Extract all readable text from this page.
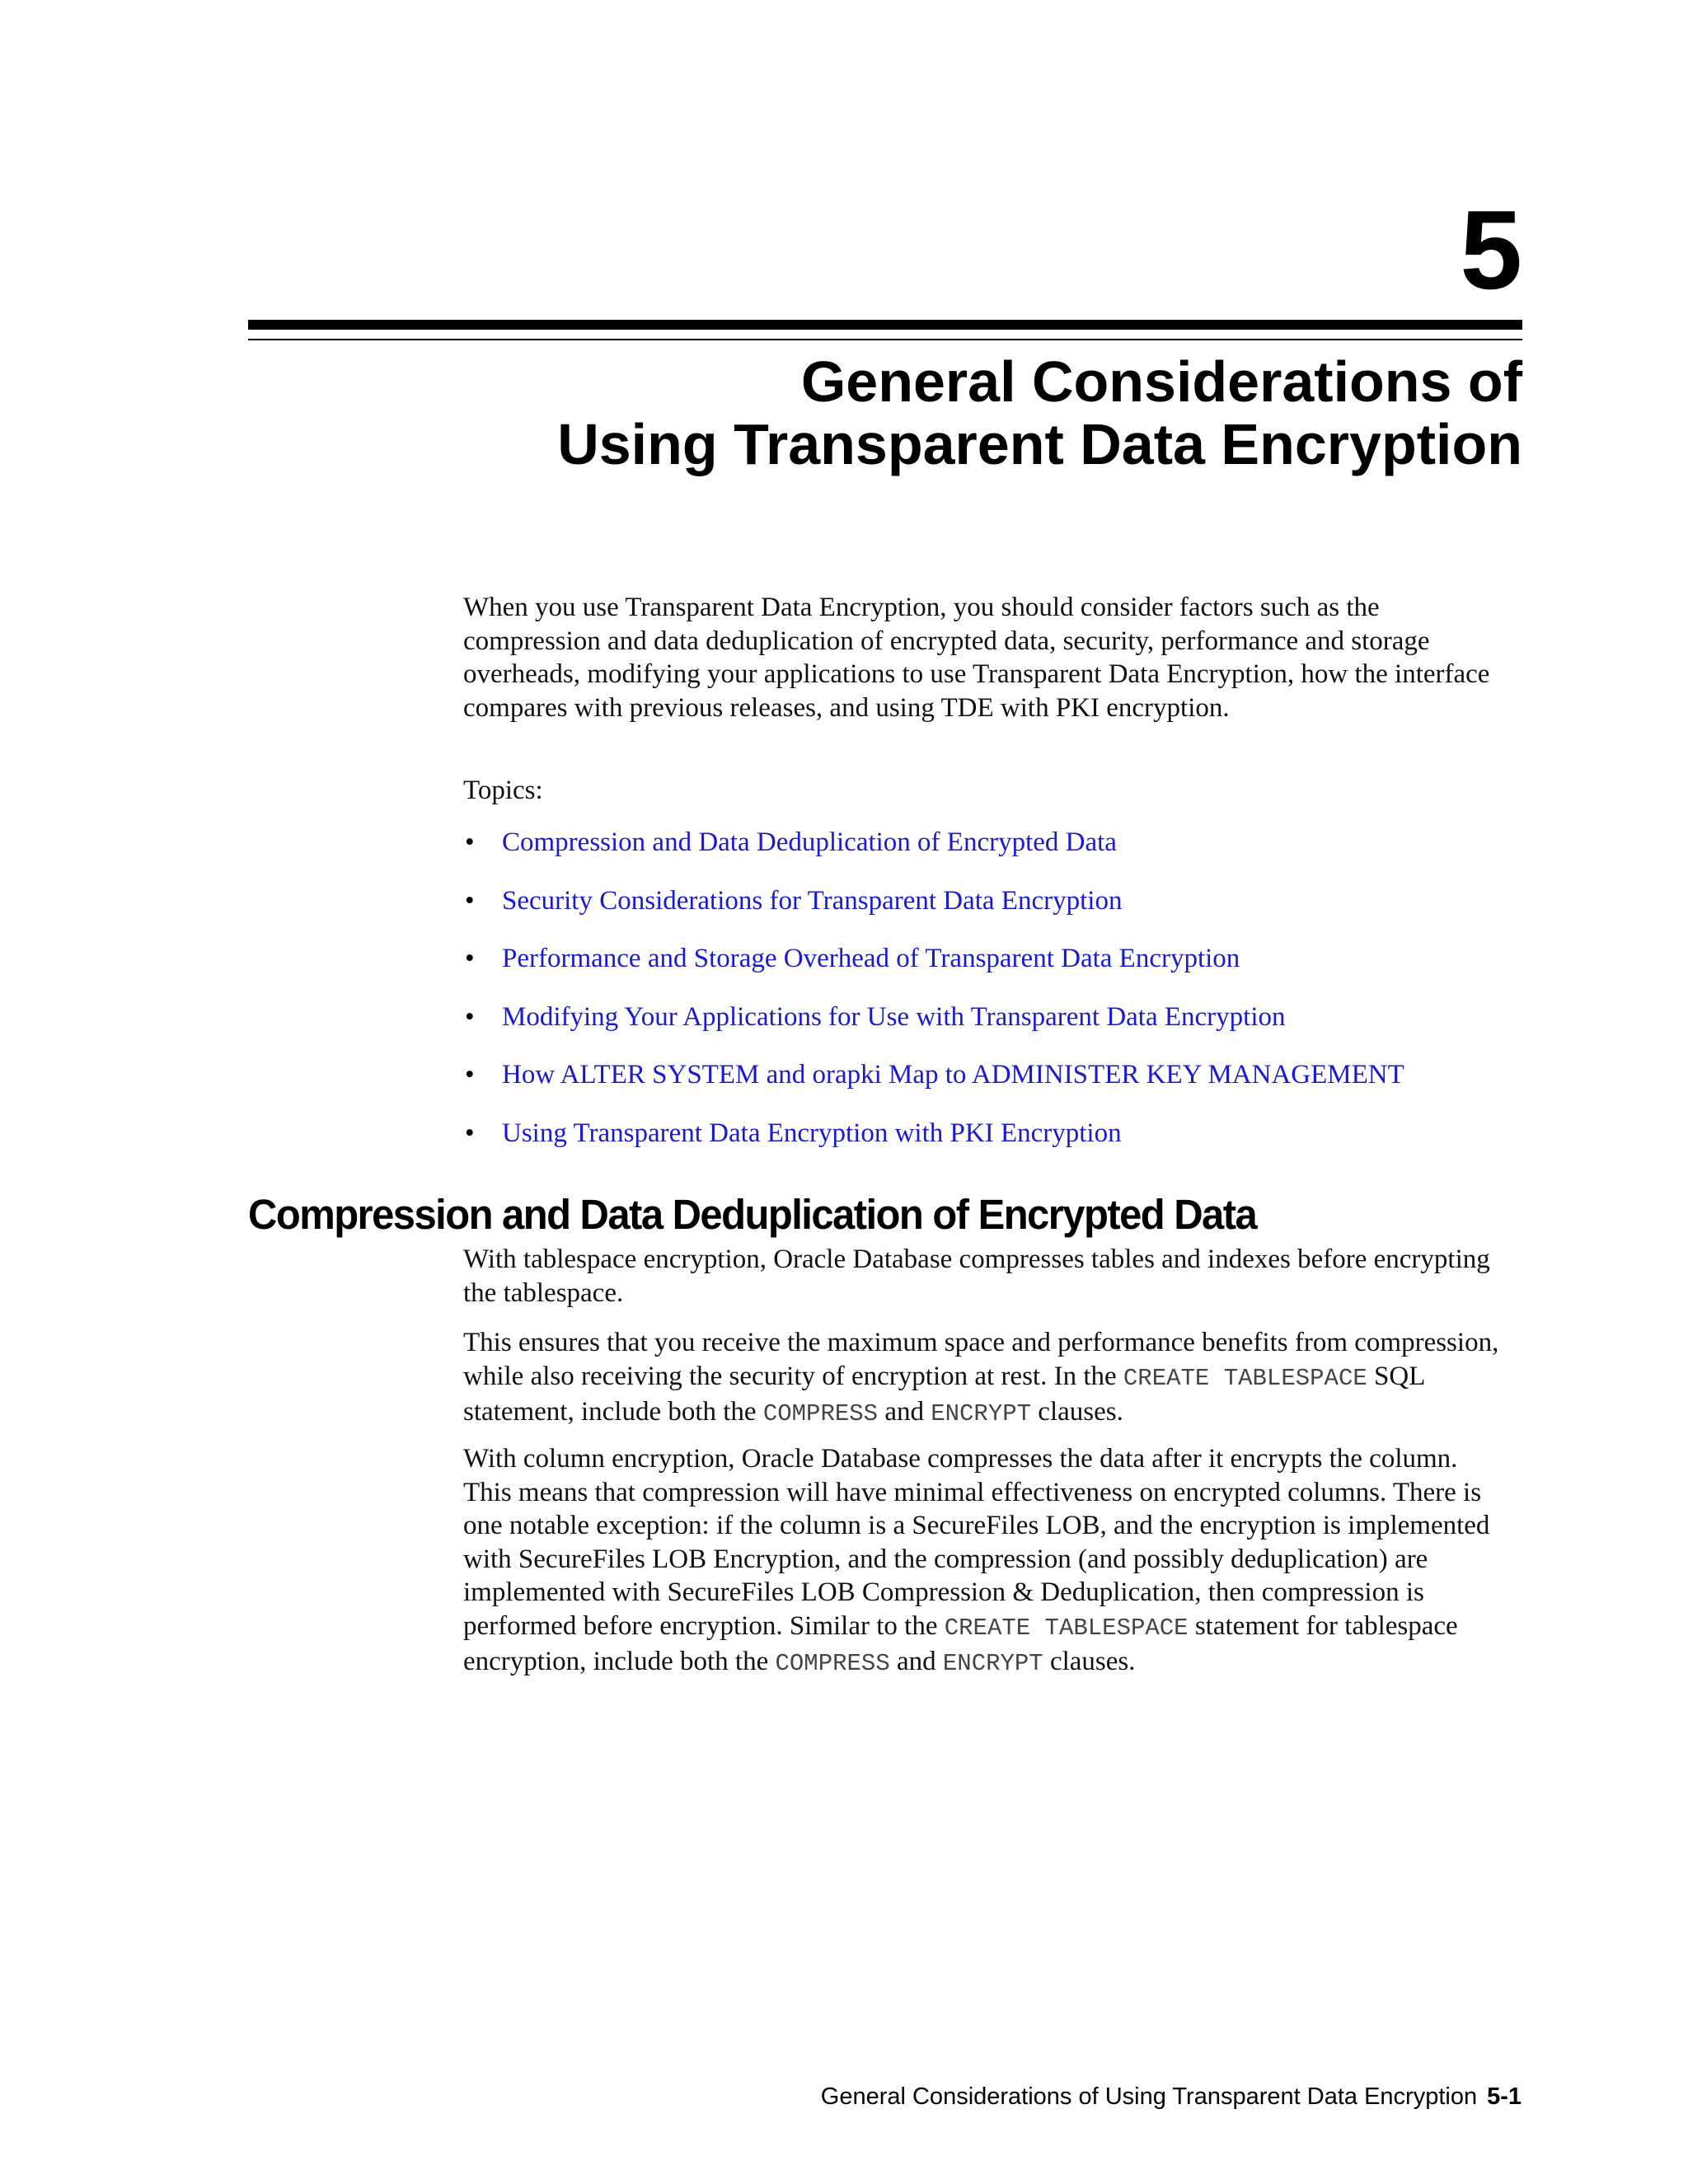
5
General Considerations of
Using Transparent Data Encryption

When you use Transparent Data Encryption, you should consider factors such as the compression and data deduplication of encrypted data, security, performance and storage overheads, modifying your applications to use Transparent Data Encryption, how the interface compares with previous releases, and using TDE with PKI encryption.

Topics:

• Compression and Data Deduplication of Encrypted Data
• Security Considerations for Transparent Data Encryption
• Performance and Storage Overhead of Transparent Data Encryption
• Modifying Your Applications for Use with Transparent Data Encryption
• How ALTER SYSTEM and orapki Map to ADMINISTER KEY MANAGEMENT
• Using Transparent Data Encryption with PKI Encryption
Compression and Data Deduplication of Encrypted Data

With tablespace encryption, Oracle Database compresses tables and indexes before encrypting the tablespace.

This ensures that you receive the maximum space and performance benefits from compression, while also receiving the security of encryption at rest. In the CREATE TABLESPACE SQL statement, include both the COMPRESS and ENCRYPT clauses.

With column encryption, Oracle Database compresses the data after it encrypts the column. This means that compression will have minimal effectiveness on encrypted columns. There is one notable exception: if the column is a SecureFiles LOB, and the encryption is implemented with SecureFiles LOB Encryption, and the compression (and possibly deduplication) are implemented with SecureFiles LOB Compression & Deduplication, then compression is performed before encryption. Similar to the CREATE TABLESPACE statement for tablespace encryption, include both the COMPRESS and ENCRYPT clauses.

General Considerations of Using Transparent Data Encryption 5-1
